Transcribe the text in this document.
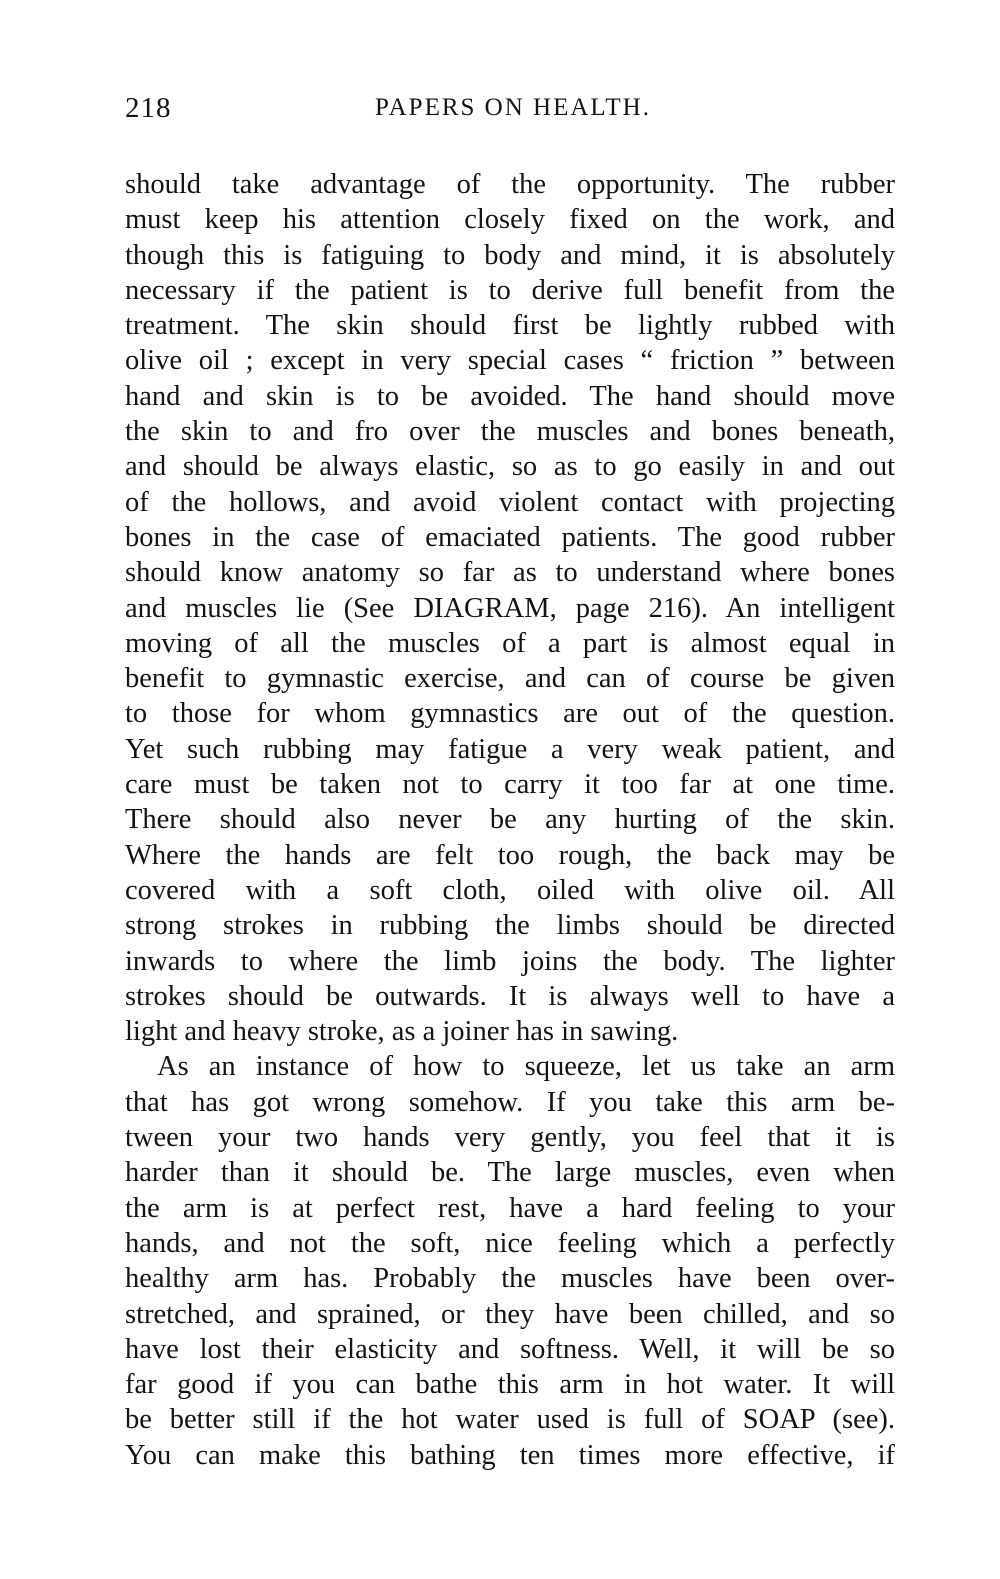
218	PAPERS ON HEALTH.
should take advantage of the opportunity. The rubber
must keep his attention closely fixed on the work, and
though this is fatiguing to body and mind, it is absolutely
necessary if the patient is to derive full benefit from the
treatment. The skin should first be lightly rubbed with
olive oil ; except in very special cases “ friction ” between
hand and skin is to be avoided. The hand should move
the skin to and fro over the muscles and bones beneath,
and should be always elastic, so as to go easily in and out
of the hollows, and avoid violent contact with projecting
bones in the case of emaciated patients. The good rubber
should know anatomy so far as to understand where bones
and muscles lie (See DIAGRAM, page 216). An intelligent
moving of all the muscles of a part is almost equal in
benefit to gymnastic exercise, and can of course be given
to those for whom gymnastics are out of the question.
Yet such rubbing may fatigue a very weak patient, and
care must be taken not to carry it too far at one time.
There should also never be any hurting of the skin.
Where the hands are felt too rough, the back may be
covered with a soft cloth, oiled with olive oil. All
strong strokes in rubbing the limbs should be directed
inwards to where the limb joins the body. The lighter
strokes should be outwards. It is always well to have a
light and heavy stroke, as a joiner has in sawing.
As an instance of how to squeeze, let us take an arm
that has got wrong somehow. If you take this arm be-
tween your two hands very gently, you feel that it is
harder than it should be. The large muscles, even when
the arm is at perfect rest, have a hard feeling to your
hands, and not the soft, nice feeling which a perfectly
healthy arm has. Probably the muscles have been over-
stretched, and sprained, or they have been chilled, and so
have lost their elasticity and softness. Well, it will be so
far good if you can bathe this arm in hot water. It will
be better still if the hot water used is full of SOAP (see).
You can make this bathing ten times more effective, if
